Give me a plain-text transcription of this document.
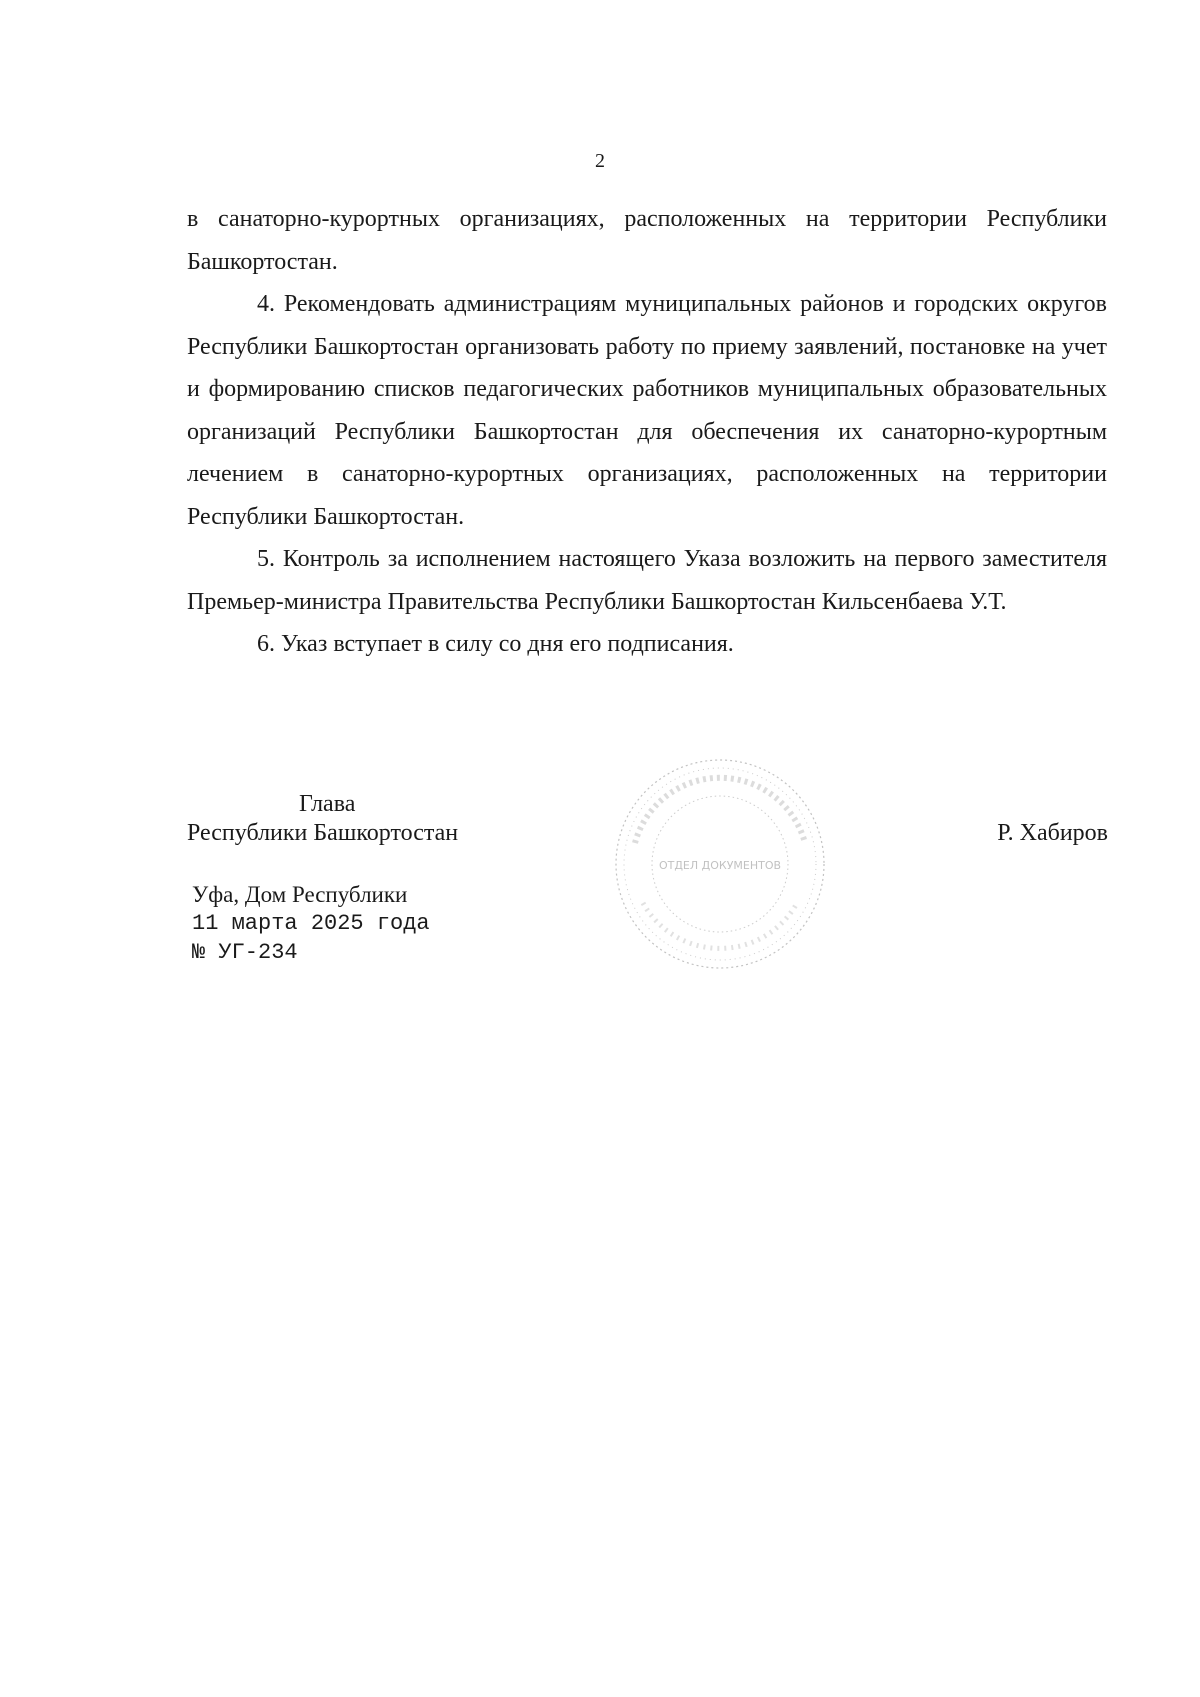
2

в санаторно-курортных организациях, расположенных на территории Республики Башкортостан.

4. Рекомендовать администрациям муниципальных районов и городских округов Республики Башкортостан организовать работу по приему заявлений, постановке на учет и формированию списков педагогических работников муниципальных образовательных организаций Республики Башкортостан для обеспечения их санаторно-курортным лечением в санаторно-курортных организациях, расположенных на территории Республики Башкортостан.

5. Контроль за исполнением настоящего Указа возложить на первого заместителя Премьер-министра Правительства Республики Башкортостан Кильсенбаева У.Т.

6. Указ вступает в силу со дня его подписания.

Глава
Республики Башкортостан
ОТДЕЛ ДОКУМЕНТОВ
Р. Хабиров
Уфа, Дом Республики
11 марта 2025 года
№ УГ-234
